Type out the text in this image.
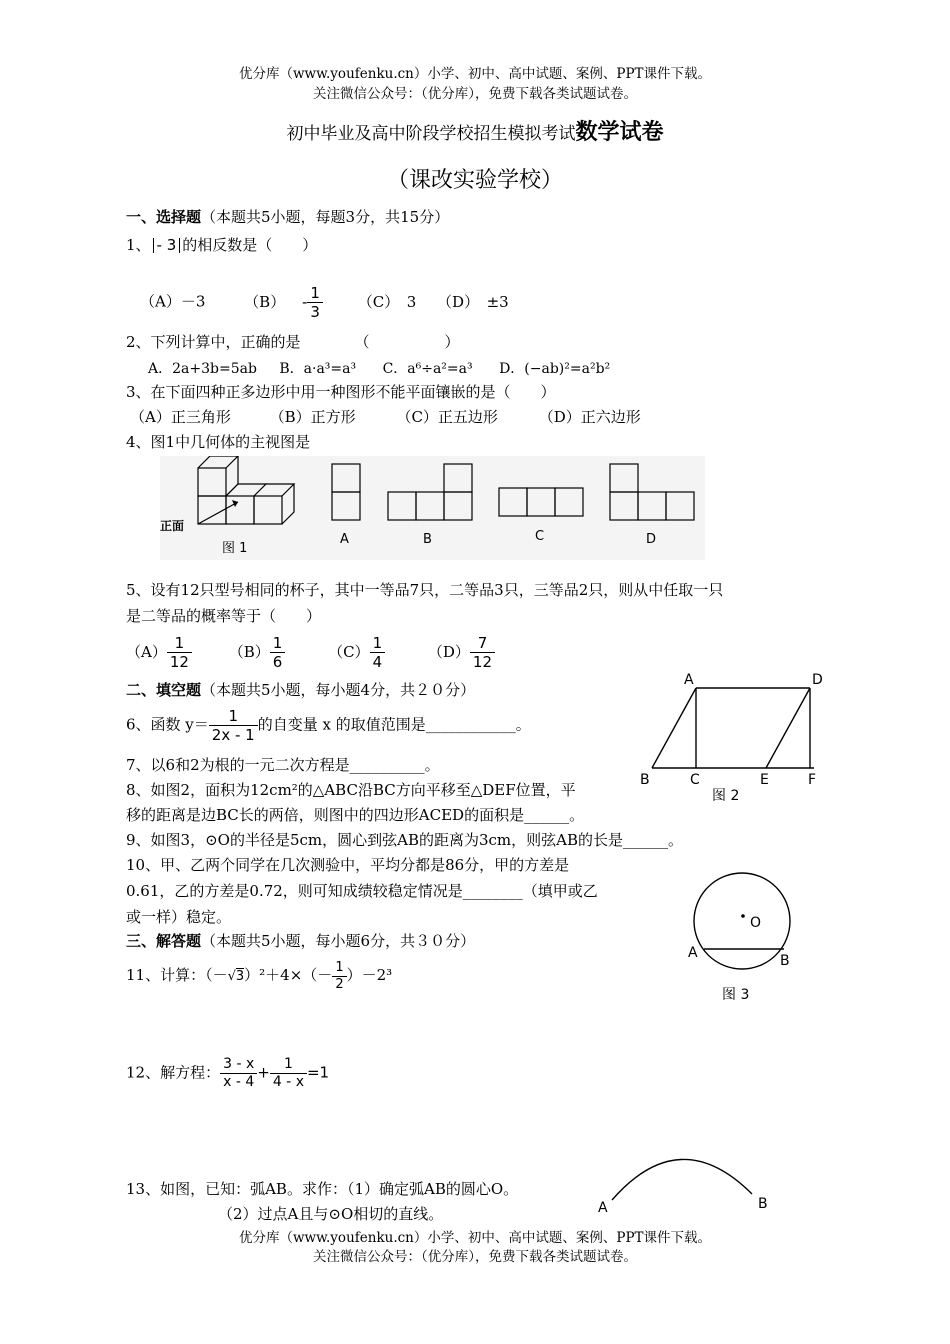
优分库（www.youfenku.cn）小学、初中、高中试题、案例、PPT课件下载。
关注微信公众号：（优分库），免费下载各类试题试卷。
初中毕业及高中阶段学校招生模拟考试数学试卷
（课改实验学校）
一、选择题（本题共5小题，每题3分，共15分）
1、 - 3 的相反数是（　　）
（A）－3	$(B) - \frac{1}{3} (C)$　3 （D）　±3
2、下列计算中，正确的是	（　　　　　）
A．2a+3b=5ab B．a·a³=a³ C．a⁶÷a²=a³ D．(−ab)²=a²b²
3、在下面四种正多边形中用一种图形不能平面镶嵌的是（　　）
（A）正三角形	（B）正方形	（C）正五边形	（D）正六边形
4、图1中几何体的主视图是
正面
图 1
A	B	C	D
5、设有12只型号相同的杯子，其中一等品7只，二等品3只，三等品2只，则从中任取一只
是二等品的概率等于（　　）
$(A) \frac{1}{12} (B) \frac{1}{6}$	$(C) \frac{1}{4}$	$(D) \frac{7}{12}$
二、填空题（本题共5小题，每小题4分，共２０分）
A	D
B	C	E	F
图 2
6、函数 $y= \frac{1}{2x - 1}$ 的自变量 x 的取值范围是____________。
7、以6和2为根的一元二次方程是__________。
8、如图2，面积为12cm²的△ABC沿BC方向平移至△DEF位置，平
移的距离是边BC长的两倍，则图中的四边形ACED的面积是______。
9、如图3，⊙O的半径是5cm，圆心到弦AB的距离为3cm，则弦AB的长是______。
10、甲、乙两个同学在几次测验中，平均分都是86分，甲的方差是
0.61，乙的方差是0.72，则可知成绩较稳定情况是________（填甲或乙
或一样）稳定。	O
A	B
图 3
三、解答题（本题共5小题，每小题6分，共３０分）
11、计算：$(-√3)^2+4\times(- \frac{1}{2} )-2^3$
12、解方程： $\frac{3 - x}{x - 4} + \frac{1}{4 - x} =1$
13、如图，已知：弧AB。求作：（1）确定弧AB的圆心O。
（2）过点A且与⊙O相切的直线。	A	B
优分库（www.youfenku.cn）小学、初中、高中试题、案例、PPT课件下载。
关注微信公众号：（优分库），免费下载各类试题试卷。
